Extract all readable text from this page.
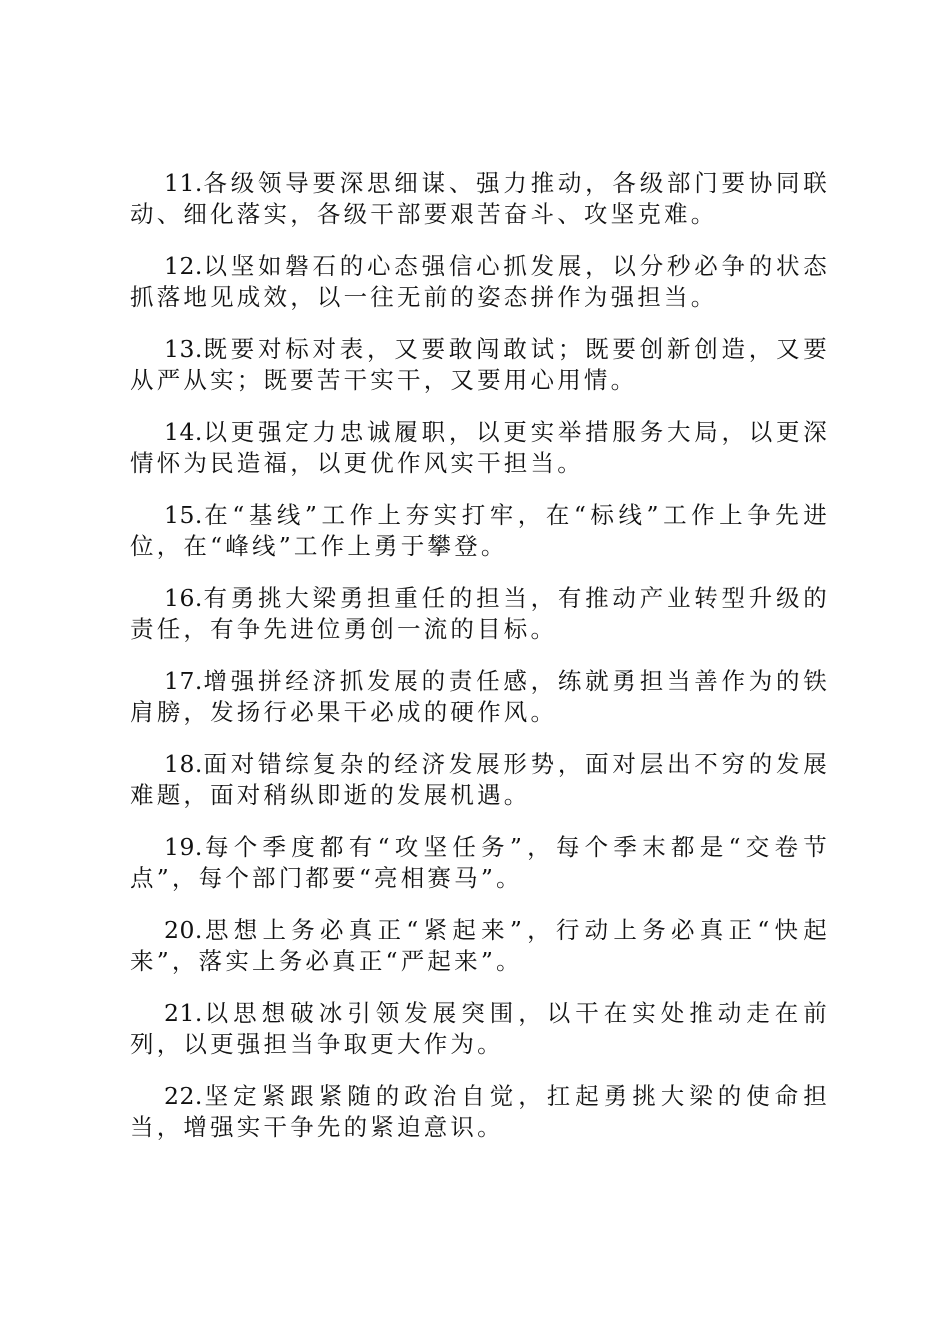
11.各级领导要深思细谋、强力推动，各级部门要协同联动、细化落实，各级干部要艰苦奋斗、攻坚克难。

12.以坚如磐石的心态强信心抓发展，以分秒必争的状态抓落地见成效，以一往无前的姿态拼作为强担当。

13.既要对标对表，又要敢闯敢试；既要创新创造，又要从严从实；既要苦干实干，又要用心用情。

14.以更强定力忠诚履职，以更实举措服务大局，以更深情怀为民造福，以更优作风实干担当。

15.在“基线”工作上夯实打牢，在“标线”工作上争先进位，在“峰线”工作上勇于攀登。

16.有勇挑大梁勇担重任的担当，有推动产业转型升级的责任，有争先进位勇创一流的目标。

17.增强拼经济抓发展的责任感，练就勇担当善作为的铁肩膀，发扬行必果干必成的硬作风。

18.面对错综复杂的经济发展形势，面对层出不穷的发展难题，面对稍纵即逝的发展机遇。

19.每个季度都有“攻坚任务”，每个季末都是“交卷节点”，每个部门都要“亮相赛马”。

20.思想上务必真正“紧起来”，行动上务必真正“快起来”，落实上务必真正“严起来”。

21.以思想破冰引领发展突围，以干在实处推动走在前列，以更强担当争取更大作为。

22.坚定紧跟紧随的政治自觉，扛起勇挑大梁的使命担当，增强实干争先的紧迫意识。
